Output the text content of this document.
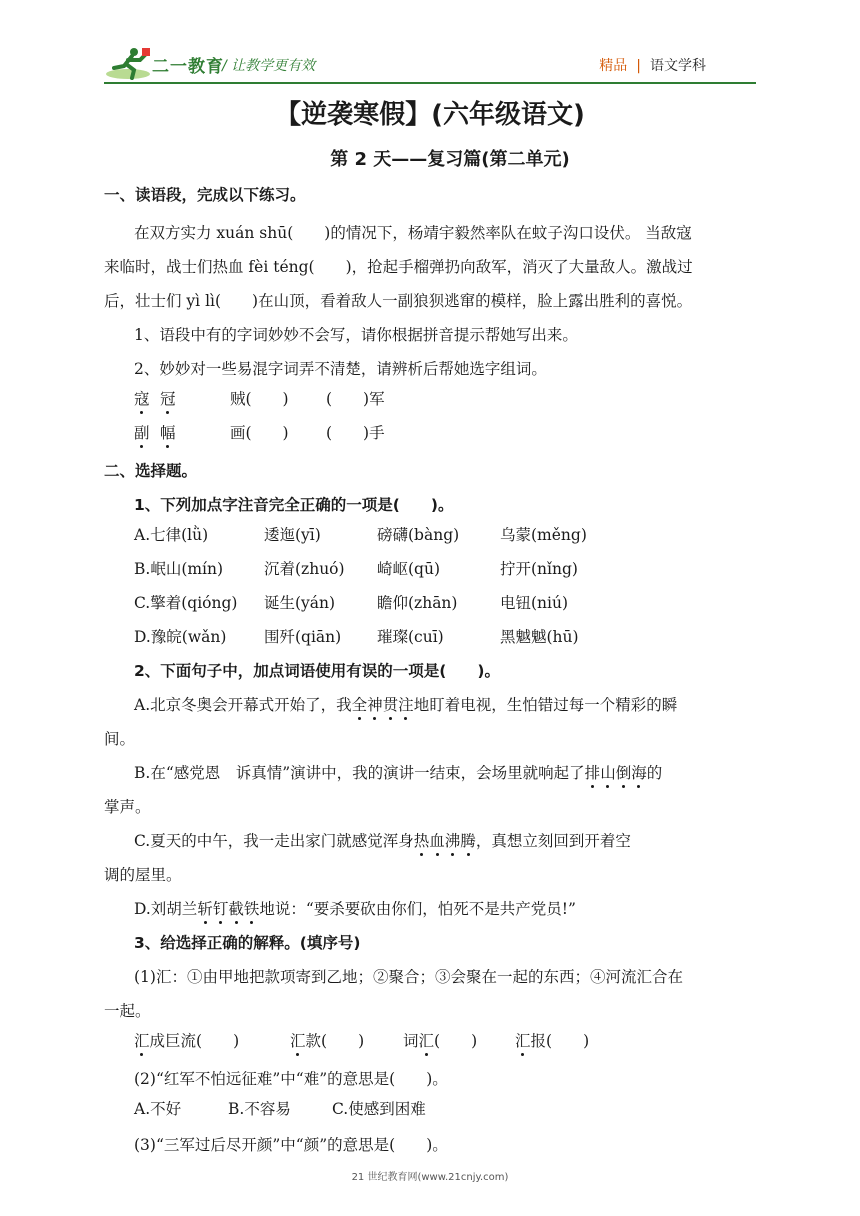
二一教育
/ 让教学更有效	精品 | 语文学科
【逆袭寒假】(六年级语文)
第 2 天——复习篇(第二单元)
一、读语段，完成以下练习。
在双方实力 xuán shū(　　)的情况下，杨靖宇毅然率队在蚊子沟口设伏。 当敌寇
来临时，战士们热血 fèi téng(　　)，抢起手榴弹扔向敌军，消灭了大量敌人。激战过
后，壮士们 yì lì(　　)在山顶，看着敌人一副狼狈逃窜的模样，脸上露出胜利的喜悦。
1、语段中有的字词妙妙不会写，请你根据拼音提示帮她写出来。
2、妙妙对一些易混字词弄不清楚，请辨析后帮她选字组词。
寇 冠	贼(　　) (　　)军
副 幅	画(　　) (　　)手
二、选择题。
1、下列加点字注音完全正确的一项是(　　)。
A.七律(lǜ)	逶迤(yī)	磅礴(bàng)	乌蒙(měng)
B.岷山(mín)	沉着(zhuó) 崎岖(qū)	拧开(nǐng)
C.擎着(qióng) 诞生(yán)	瞻仰(zhān)	电钮(niú)
D.豫皖(wǎn) 围歼(qiān) 璀璨(cuī)	黑魆魆(hū)
2、下面句子中，加点词语使用有误的一项是(　　)。
A.北京冬奥会开幕式开始了，我全神贯注地盯着电视，生怕错过每一个精彩的瞬
间。
B.在“感党恩　诉真情”演讲中，我的演讲一结束，会场里就响起了排山倒海的
掌声。
C.夏天的中午，我一走出家门就感觉浑身热血沸腾，真想立刻回到开着空
调的屋里。
D.刘胡兰斩钉截铁地说：“要杀要砍由你们，怕死不是共产党员!”
3、给选择正确的解释。(填序号)
(1)汇：①由甲地把款项寄到乙地；②聚合；③会聚在一起的东西；④河流汇合在
一起。
汇成巨流(　　)	汇款(　　)	词汇(　　) 汇报(　　)
(2)“红军不怕远征难”中“难”的意思是(　　)。
A.不好	B.不容易	C.使感到困难
(3)“三军过后尽开颜”中“颜”的意思是(　　)。
21 世纪教育网(www.21cnjy.com)
